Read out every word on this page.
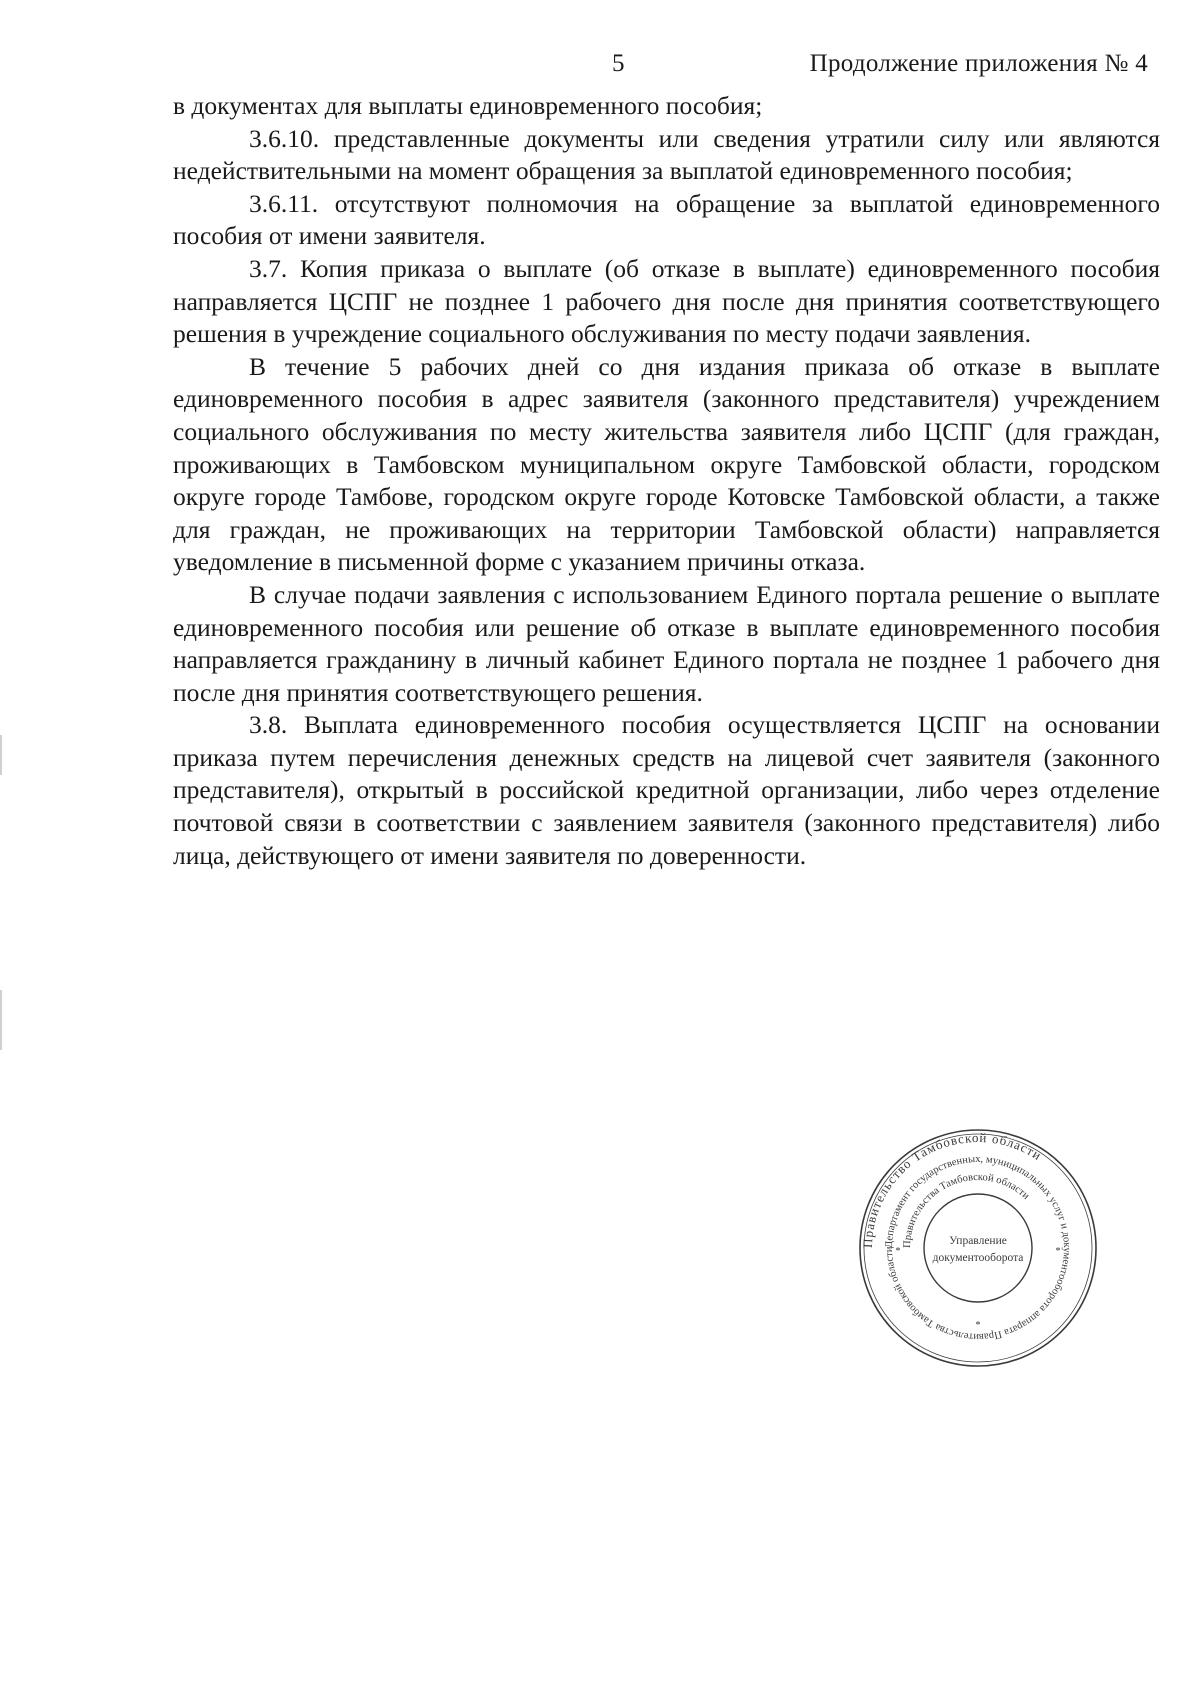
5	Продолжение приложения № 4

в документах для выплаты единовременного пособия;

3.6.10. представленные документы или сведения утратили силу или являются недействительными на момент обращения за выплатой единовременного пособия;

3.6.11. отсутствуют полномочия на обращение за выплатой единовременного пособия от имени заявителя.

3.7. Копия приказа о выплате (об отказе в выплате) единовременного пособия направляется ЦСПГ не позднее 1 рабочего дня после дня принятия соответствующего решения в учреждение социального обслуживания по месту подачи заявления.

В течение 5 рабочих дней со дня издания приказа об отказе в выплате единовременного пособия в адрес заявителя (законного представителя) учреждением социального обслуживания по месту жительства заявителя либо ЦСПГ (для граждан, проживающих в Тамбовском муниципальном округе Тамбовской области, городском округе городе Тамбове, городском округе городе Котовске Тамбовской области, а также для граждан, не проживающих на территории Тамбовской области) направляется уведомление в письменной форме с указанием причины отказа.

В случае подачи заявления с использованием Единого портала решение о выплате единовременного пособия или решение об отказе в выплате единовременного пособия направляется гражданину в личный кабинет Единого портала не позднее 1 рабочего дня после дня принятия соответствующего решения.

3.8. Выплата единовременного пособия осуществляется ЦСПГ на основании приказа путем перечисления денежных средств на лицевой счет заявителя (законного представителя), открытый в российской кредитной организации, либо через отделение почтовой связи в соответствии с заявлением заявителя (законного представителя) либо лица, действующего от имени заявителя по доверенности.

Правительство Тамбовской области
Департамент государственных, муниципальных услуг и документооборота аппарата Правительства Тамбовской области
Правительства Тамбовской области
Управление
документооборота
*	*
*
